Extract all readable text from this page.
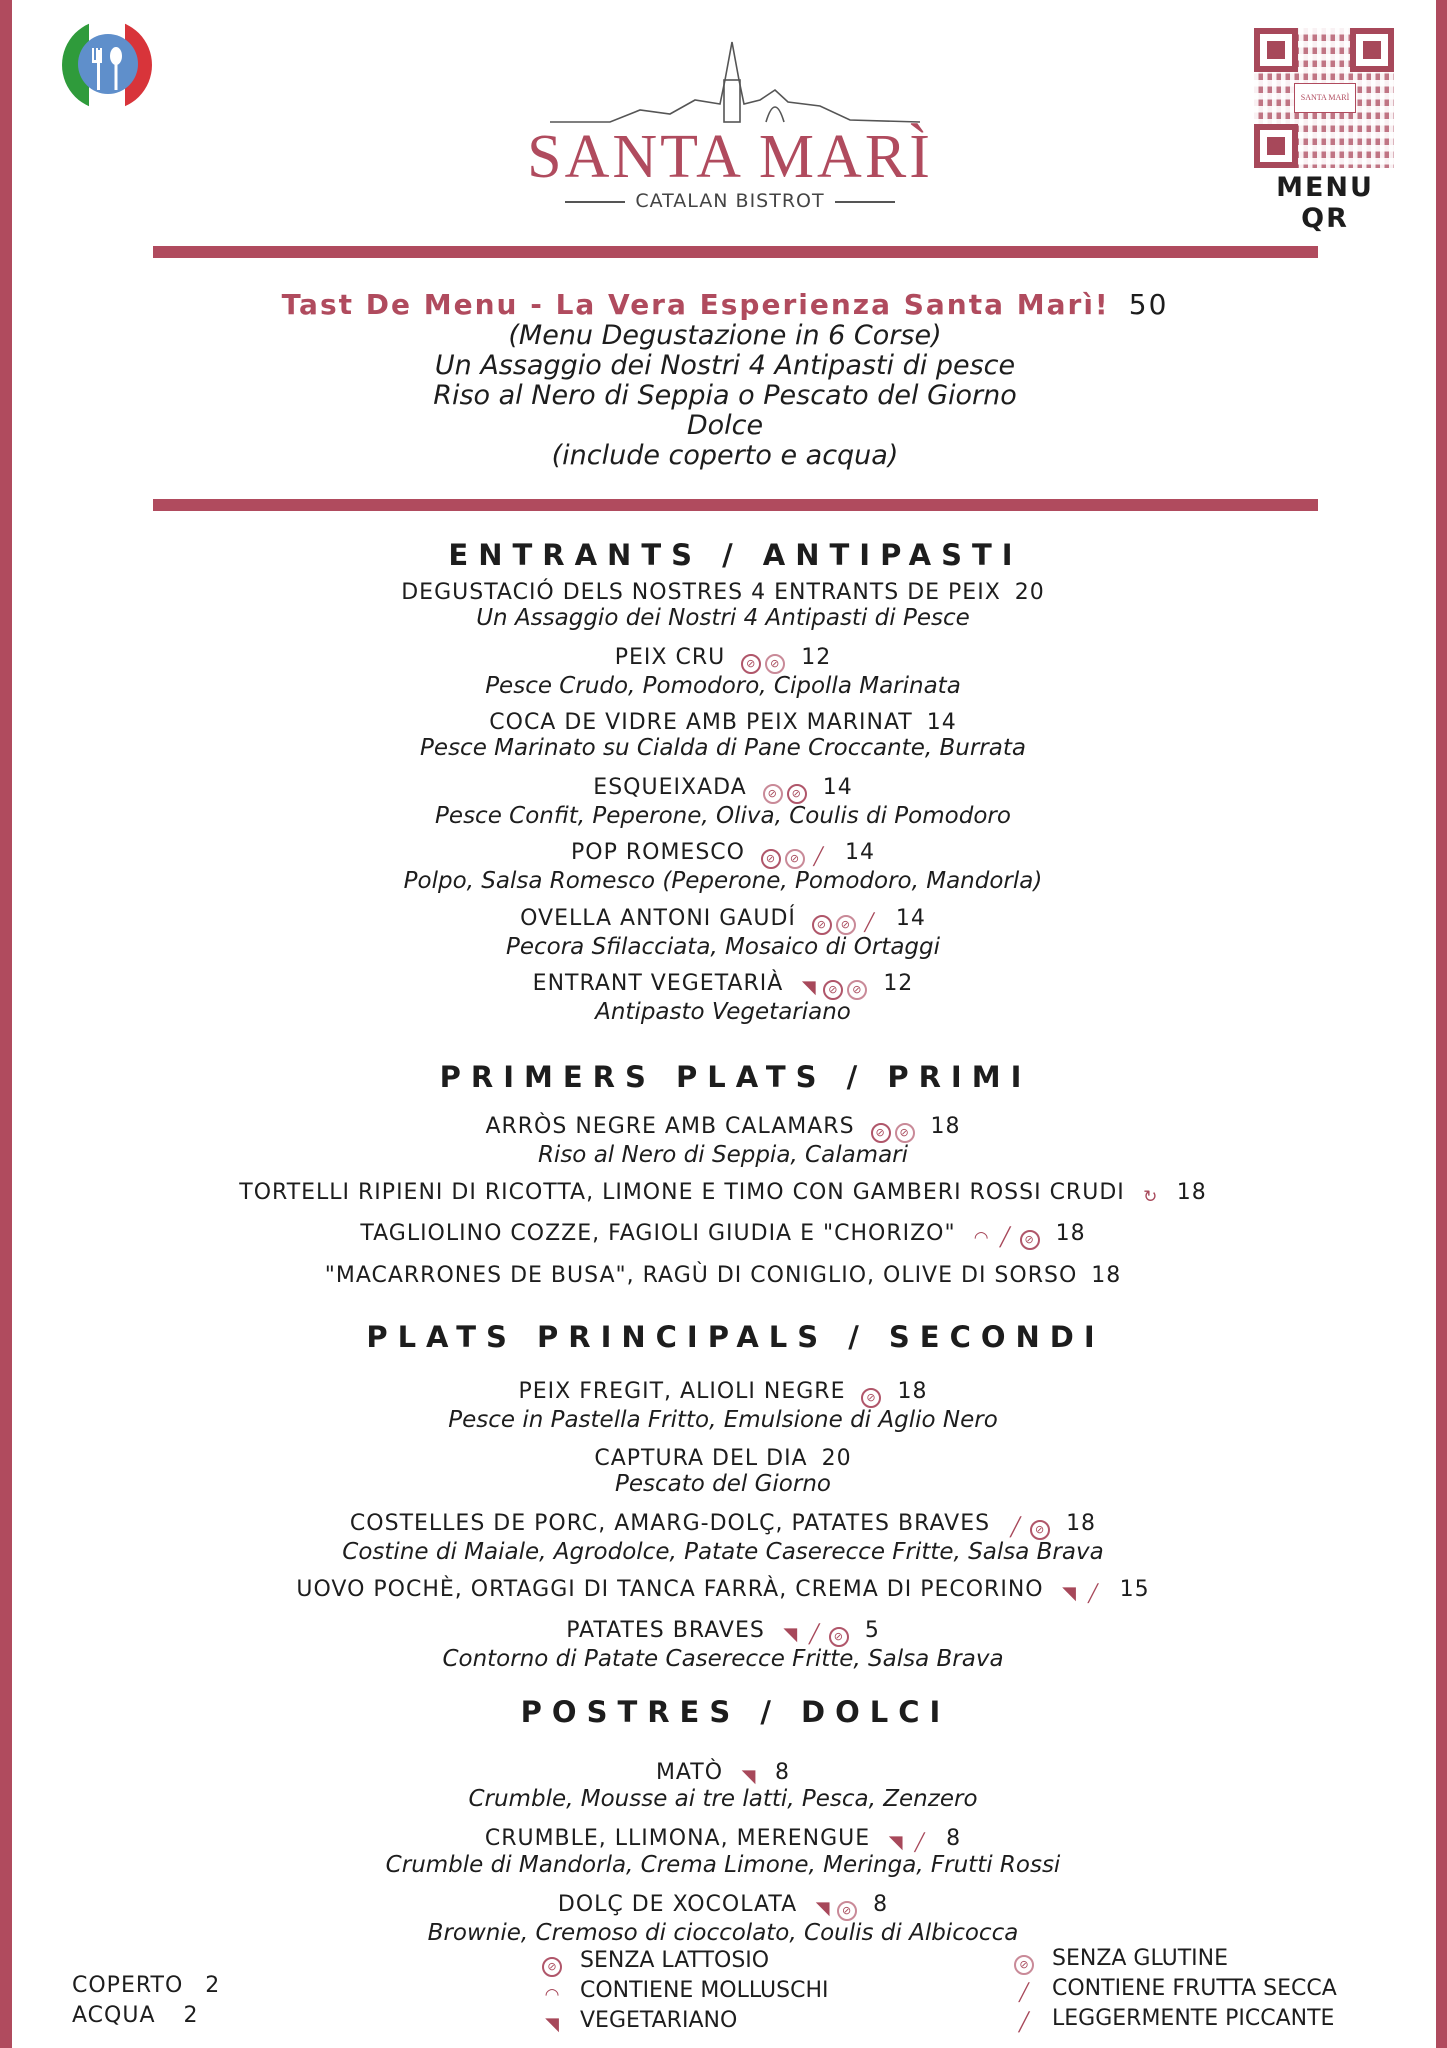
SANTA MARÌ
CATALAN BISTROT
SANTA MARÌ
MENU QR
Tast De Menu - La Vera Esperienza Santa Marì! 50
(Menu Degustazione in 6 Corse)
Un Assaggio dei Nostri 4 Antipasti di pesce
Riso al Nero di Seppia o Pescato del Giorno
Dolce
(include coperto e acqua)
ENTRANTS / ANTIPASTI
DEGUSTACIÓ DELS NOSTRES 4 ENTRANTS DE PEIX 20
Un Assaggio dei Nostri 4 Antipasti di Pesce
PEIX CRU ⊘ ⊘ 12
Pesce Crudo, Pomodoro, Cipolla Marinata
COCA DE VIDRE AMB PEIX MARINAT 14
Pesce Marinato su Cialda di Pane Croccante, Burrata
ESQUEIXADA ⊘ ⊘ 14
Pesce Confit, Peperone, Oliva, Coulis di Pomodoro
POP ROMESCO ⊘ ⊘ ╱ 14
Polpo, Salsa Romesco (Peperone, Pomodoro, Mandorla)
OVELLA ANTONI GAUDÍ ⊘ ⊘ ╱ 14
Pecora Sfilacciata, Mosaico di Ortaggi
ENTRANT VEGETARIÀ ◥ ⊘ ⊘ 12
Antipasto Vegetariano
PRIMERS PLATS / PRIMI
ARRÒS NEGRE AMB CALAMARS ⊘ ⊘ 18
Riso al Nero di Seppia, Calamari
TORTELLI RIPIENI DI RICOTTA, LIMONE E TIMO CON GAMBERI ROSSI CRUDI ↻ 18
TAGLIOLINO COZZE, FAGIOLI GIUDIA E "CHORIZO" ◠ ╱ ⊘ 18
"MACARRONES DE BUSA", RAGÙ DI CONIGLIO, OLIVE DI SORSO 18
PLATS PRINCIPALS / SECONDI
PEIX FREGIT, ALIOLI NEGRE ⊘ 18
Pesce in Pastella Fritto, Emulsione di Aglio Nero
CAPTURA DEL DIA 20
Pescato del Giorno
COSTELLES DE PORC, AMARG-DOLÇ, PATATES BRAVES ╱ ⊘ 18
Costine di Maiale, Agrodolce, Patate Caserecce Fritte, Salsa Brava
UOVO POCHÈ, ORTAGGI DI TANCA FARRÀ, CREMA DI PECORINO ◥ ╱ 15
PATATES BRAVES ◥ ╱ ⊘ 5
Contorno di Patate Caserecce Fritte, Salsa Brava
POSTRES / DOLCI
MATÒ ◥ 8
Crumble, Mousse ai tre latti, Pesca, Zenzero
CRUMBLE, LLIMONA, MERENGUE ◥ ╱ 8
Crumble di Mandorla, Crema Limone, Meringa, Frutti Rossi
DOLÇ DE XOCOLATA ◥ ⊘ 8
Brownie, Cremoso di cioccolato, Coulis di Albicocca
COPERTO 2
ACQUA 2
⊘ SENZA LATTOSIO
◠ CONTIENE MOLLUSCHI
◥ VEGETARIANO
⊘ SENZA GLUTINE
╱ CONTIENE FRUTTA SECCA
╱ LEGGERMENTE PICCANTE
